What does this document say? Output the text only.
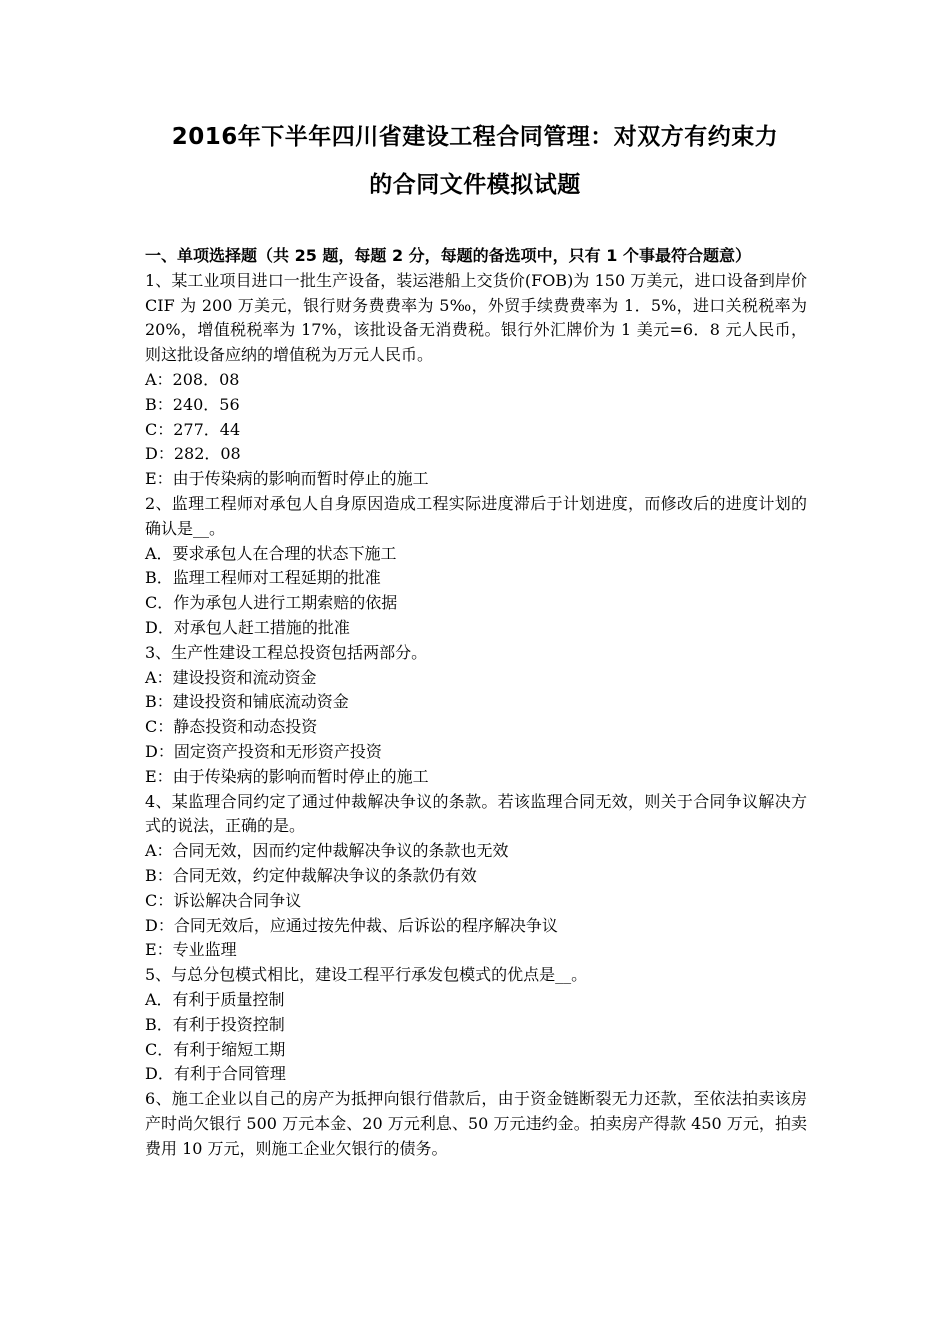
2016年下半年四川省建设工程合同管理：对双方有约束力
的合同文件模拟试题
一、单项选择题（共 25 题，每题 2 分，每题的备选项中，只有 1 个事最符合题意）
1、某工业项目进口一批生产设备，装运港船上交货价(FOB)为 150 万美元，进口设备到岸价 CIF 为 200 万美元，银行财务费费率为 5‰，外贸手续费费率为 1．5%，进口关税税率为 20%，增值税税率为 17%，该批设备无消费税。银行外汇牌价为 1 美元=6．8 元人民币，则这批设备应纳的增值税为万元人民币。
A：208．08
B：240．56
C：277．44
D：282．08
E：由于传染病的影响而暂时停止的施工
2、监理工程师对承包人自身原因造成工程实际进度滞后于计划进度，而修改后的进度计划的确认是__。
A．要求承包人在合理的状态下施工
B．监理工程师对工程延期的批准
C．作为承包人进行工期索赔的依据
D．对承包人赶工措施的批准
3、生产性建设工程总投资包括两部分。
A：建设投资和流动资金
B：建设投资和铺底流动资金
C：静态投资和动态投资
D：固定资产投资和无形资产投资
E：由于传染病的影响而暂时停止的施工
4、某监理合同约定了通过仲裁解决争议的条款。若该监理合同无效，则关于合同争议解决方式的说法，正确的是。
A：合同无效，因而约定仲裁解决争议的条款也无效
B：合同无效，约定仲裁解决争议的条款仍有效
C：诉讼解决合同争议
D：合同无效后，应通过按先仲裁、后诉讼的程序解决争议
E：专业监理
5、与总分包模式相比，建设工程平行承发包模式的优点是__。
A．有利于质量控制
B．有利于投资控制
C．有利于缩短工期
D．有利于合同管理
6、施工企业以自己的房产为抵押向银行借款后，由于资金链断裂无力还款，至依法拍卖该房产时尚欠银行 500 万元本金、20 万元利息、50 万元违约金。拍卖房产得款 450 万元，拍卖费用 10 万元，则施工企业欠银行的债务。
